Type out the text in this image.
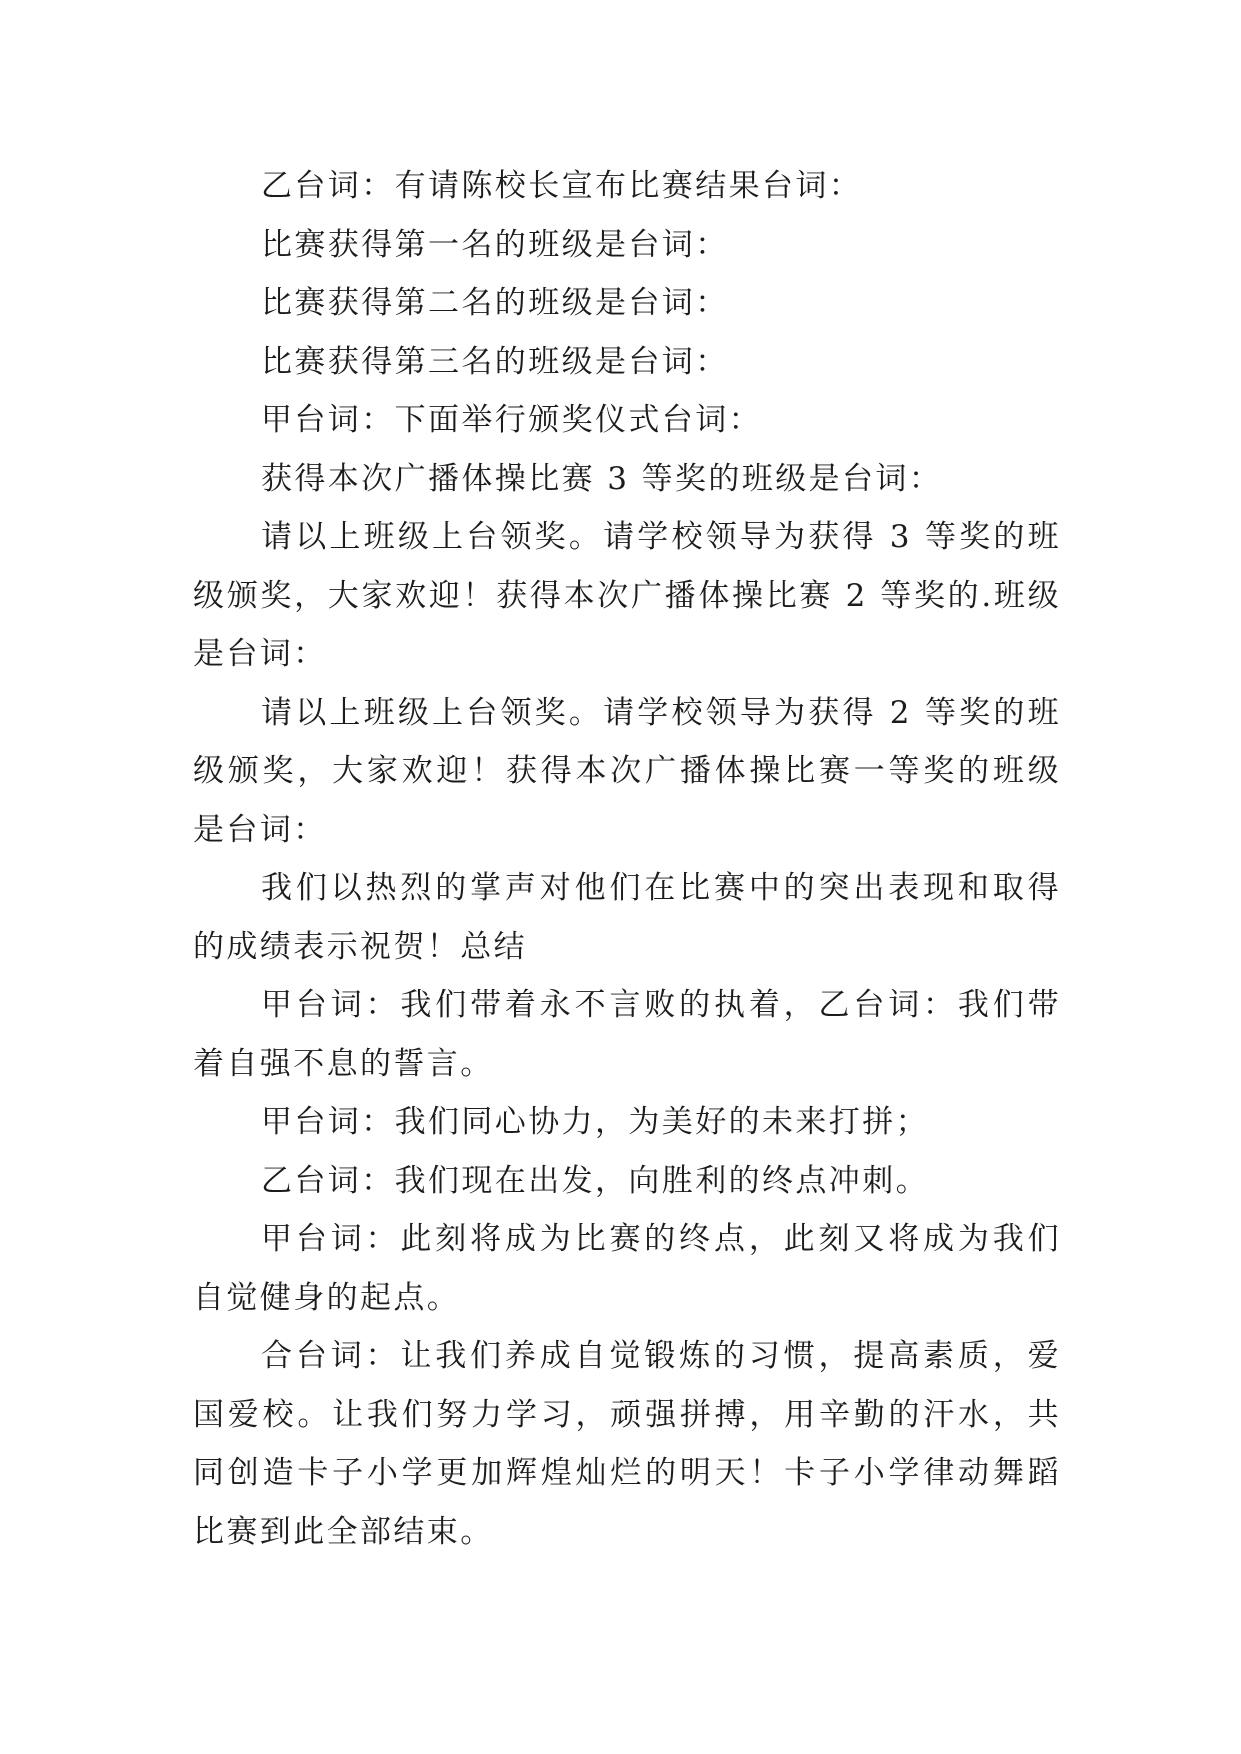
乙台词：有请陈校长宣布比赛结果台词：

比赛获得第一名的班级是台词：

比赛获得第二名的班级是台词：

比赛获得第三名的班级是台词：

甲台词：下面举行颁奖仪式台词：

获得本次广播体操比赛 3 等奖的班级是台词：

请以上班级上台领奖。请学校领导为获得 3 等奖的班级颁奖，大家欢迎！获得本次广播体操比赛 2 等奖的.班级是台词：

请以上班级上台领奖。请学校领导为获得 2 等奖的班级颁奖，大家欢迎！获得本次广播体操比赛一等奖的班级是台词：

我们以热烈的掌声对他们在比赛中的突出表现和取得的成绩表示祝贺！总结

甲台词：我们带着永不言败的执着，乙台词：我们带着自强不息的誓言。

甲台词：我们同心协力，为美好的未来打拼；

乙台词：我们现在出发，向胜利的终点冲刺。

甲台词：此刻将成为比赛的终点，此刻又将成为我们自觉健身的起点。

合台词：让我们养成自觉锻炼的习惯，提高素质，爱国爱校。让我们努力学习，顽强拼搏，用辛勤的汗水，共同创造卡子小学更加辉煌灿烂的明天！卡子小学律动舞蹈比赛到此全部结束。
